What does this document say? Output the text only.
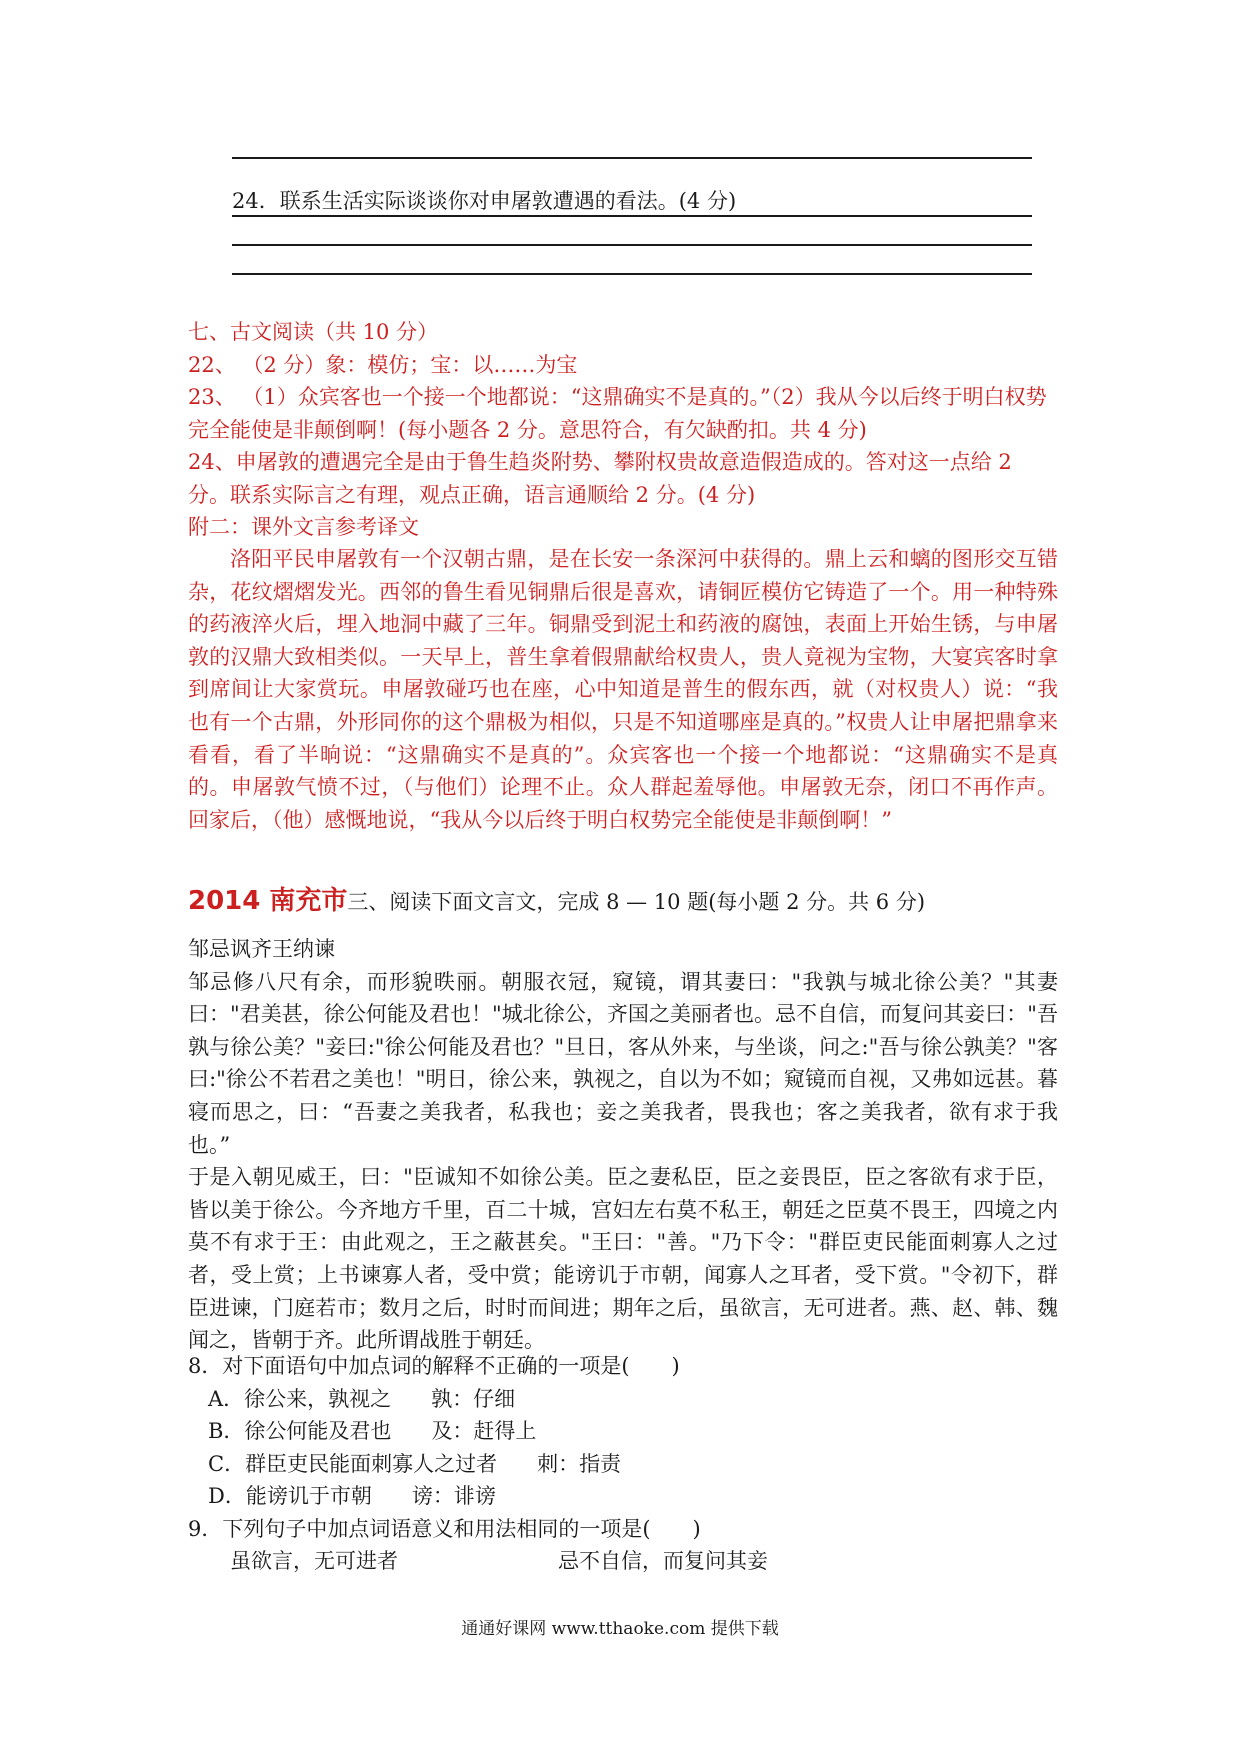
24．联系生活实际谈谈你对申屠敦遭遇的看法。(4 分)

七、古文阅读（共 10 分）

22、 （2 分）象：模仿；宝：以……为宝

23、 （1）众宾客也一个接一个地都说：“这鼎确实不是真的。”（2）我从今以后终于明白权势完全能使是非颠倒啊！(每小题各 2 分。意思符合，有欠缺酌扣。共 4 分)

24、申屠敦的遭遇完全是由于鲁生趋炎附势、攀附权贵故意造假造成的。答对这一点给 2 分。联系实际言之有理，观点正确，语言通顺给 2 分。(4 分)

附二：课外文言参考译文

洛阳平民申屠敦有一个汉朝古鼎，是在长安一条深河中获得的。鼎上云和螭的图形交互错杂，花纹熠熠发光。西邻的鲁生看见铜鼎后很是喜欢，请铜匠模仿它铸造了一个。用一种特殊的药液淬火后，埋入地洞中藏了三年。铜鼎受到泥土和药液的腐蚀，表面上开始生锈，与申屠敦的汉鼎大致相类似。一天早上，普生拿着假鼎献给权贵人，贵人竟视为宝物，大宴宾客时拿到席间让大家赏玩。申屠敦碰巧也在座，心中知道是普生的假东西，就（对权贵人）说：“我也有一个古鼎，外形同你的这个鼎极为相似，只是不知道哪座是真的。”权贵人让申屠把鼎拿来看看，看了半晌说：“这鼎确实不是真的”。众宾客也一个接一个地都说：“这鼎确实不是真的。申屠敦气愤不过，（与他们）论理不止。众人群起羞辱他。申屠敦无奈，闭口不再作声。回家后，（他）感慨地说，“我从今以后终于明白权势完全能使是非颠倒啊！”

2014 南充市三、阅读下面文言文，完成 8 — 10 题(每小题 2 分。共 6 分)

邹忌讽齐王纳谏

邹忌修八尺有余，而形貌昳丽。朝服衣冠，窥镜，谓其妻曰："我孰与城北徐公美？"其妻曰："君美甚，徐公何能及君也！"城北徐公，齐国之美丽者也。忌不自信，而复问其妾曰："吾孰与徐公美？"妾曰:"徐公何能及君也？"旦日，客从外来，与坐谈，问之:"吾与徐公孰美？"客曰:"徐公不若君之美也！"明日，徐公来，孰视之，自以为不如；窥镜而自视，又弗如远甚。暮寝而思之，曰：“吾妻之美我者，私我也；妾之美我者，畏我也；客之美我者，欲有求于我也。”

于是入朝见威王，曰："臣诚知不如徐公美。臣之妻私臣，臣之妾畏臣，臣之客欲有求于臣，皆以美于徐公。今齐地方千里，百二十城，宫妇左右莫不私王，朝廷之臣莫不畏王，四境之内莫不有求于王：由此观之，王之蔽甚矣。"王曰："善。"乃下令："群臣吏民能面刺寡人之过者，受上赏；上书谏寡人者，受中赏；能谤讥于市朝，闻寡人之耳者，受下赏。"令初下，群臣进谏，门庭若市；数月之后，时时而间进；期年之后，虽欲言，无可进者。燕、赵、韩、魏闻之，皆朝于齐。此所谓战胜于朝廷。

8．对下面语句中加点词的解释不正确的一项是(　　)

A．徐公来，孰视之 孰：仔细

B．徐公何能及君也 及：赶得上

C．群臣吏民能面刺寡人之过者 刺：指责

D．能谤讥于市朝 谤：诽谤

9．下列句子中加点词语意义和用法相同的一项是(　　)

虽欲言，无可进者	忌不自信，而复问其妾

通通好课网 www.tthaoke.com 提供下载
